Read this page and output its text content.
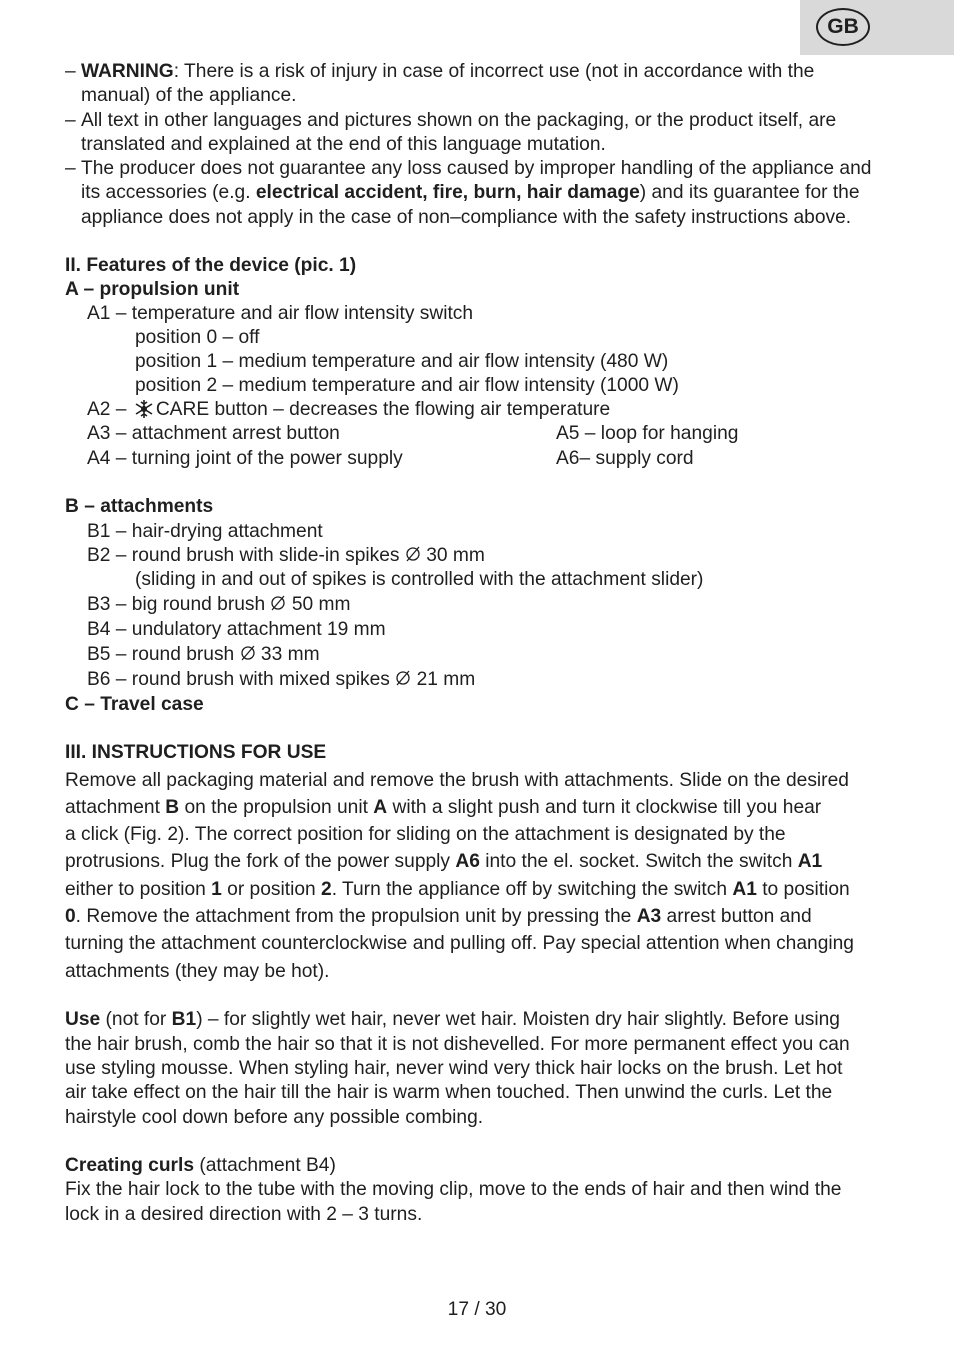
GB
– WARNING: There is a risk of injury in case of incorrect use (not in accordance with the
manual) of the appliance.
– All text in other languages and pictures shown on the packaging, or the product itself, are
translated and explained at the end of this language mutation.
– The producer does not guarantee any loss caused by improper handling of the appliance and
its accessories (e.g. electrical accident, fire, burn, hair damage) and its guarantee for the
appliance does not apply in the case of non–compliance with the safety instructions above.
II. Features of the device (pic. 1)
A – propulsion unit
A1 – temperature and air flow intensity switch
position 0 – off
position 1 – medium temperature and air flow intensity (480 W)
position 2 – medium temperature and air flow intensity (1000 W)
A2 – CARE button – decreases the flowing air temperature
A3 – attachment arrest button	A5 – loop for hanging
A4 – turning joint of the power supply	A6– supply cord
B – attachments
B1 – hair-drying attachment
B2 – round brush with slide-in spikes 30 mm
(sliding in and out of spikes is controlled with the attachment slider)
B3 – big round brush 50 mm
B4 – undulatory attachment 19 mm
B5 – round brush 33 mm
B6 – round brush with mixed spikes 21 mm
C – Travel case
III. INSTRUCTIONS FOR USE
Remove all packaging material and remove the brush with attachments. Slide on the desired
attachment B on the propulsion unit A with a slight push and turn it clockwise till you hear
a click (Fig. 2). The correct position for sliding on the attachment is designated by the
protrusions. Plug the fork of the power supply A6 into the el. socket. Switch the switch A1
either to position 1 or position 2. Turn the appliance off by switching the switch A1 to position
0. Remove the attachment from the propulsion unit by pressing the A3 arrest button and
turning the attachment counterclockwise and pulling off. Pay special attention when changing
attachments (they may be hot).
Use (not for B1) – for slightly wet hair, never wet hair. Moisten dry hair slightly. Before using
the hair brush, comb the hair so that it is not dishevelled. For more permanent effect you can
use styling mousse. When styling hair, never wind very thick hair locks on the brush. Let hot
air take effect on the hair till the hair is warm when touched. Then unwind the curls. Let the
hairstyle cool down before any possible combing.
Creating curls (attachment B4)
Fix the hair lock to the tube with the moving clip, move to the ends of hair and then wind the
lock in a desired direction with 2 – 3 turns.
17 / 30
